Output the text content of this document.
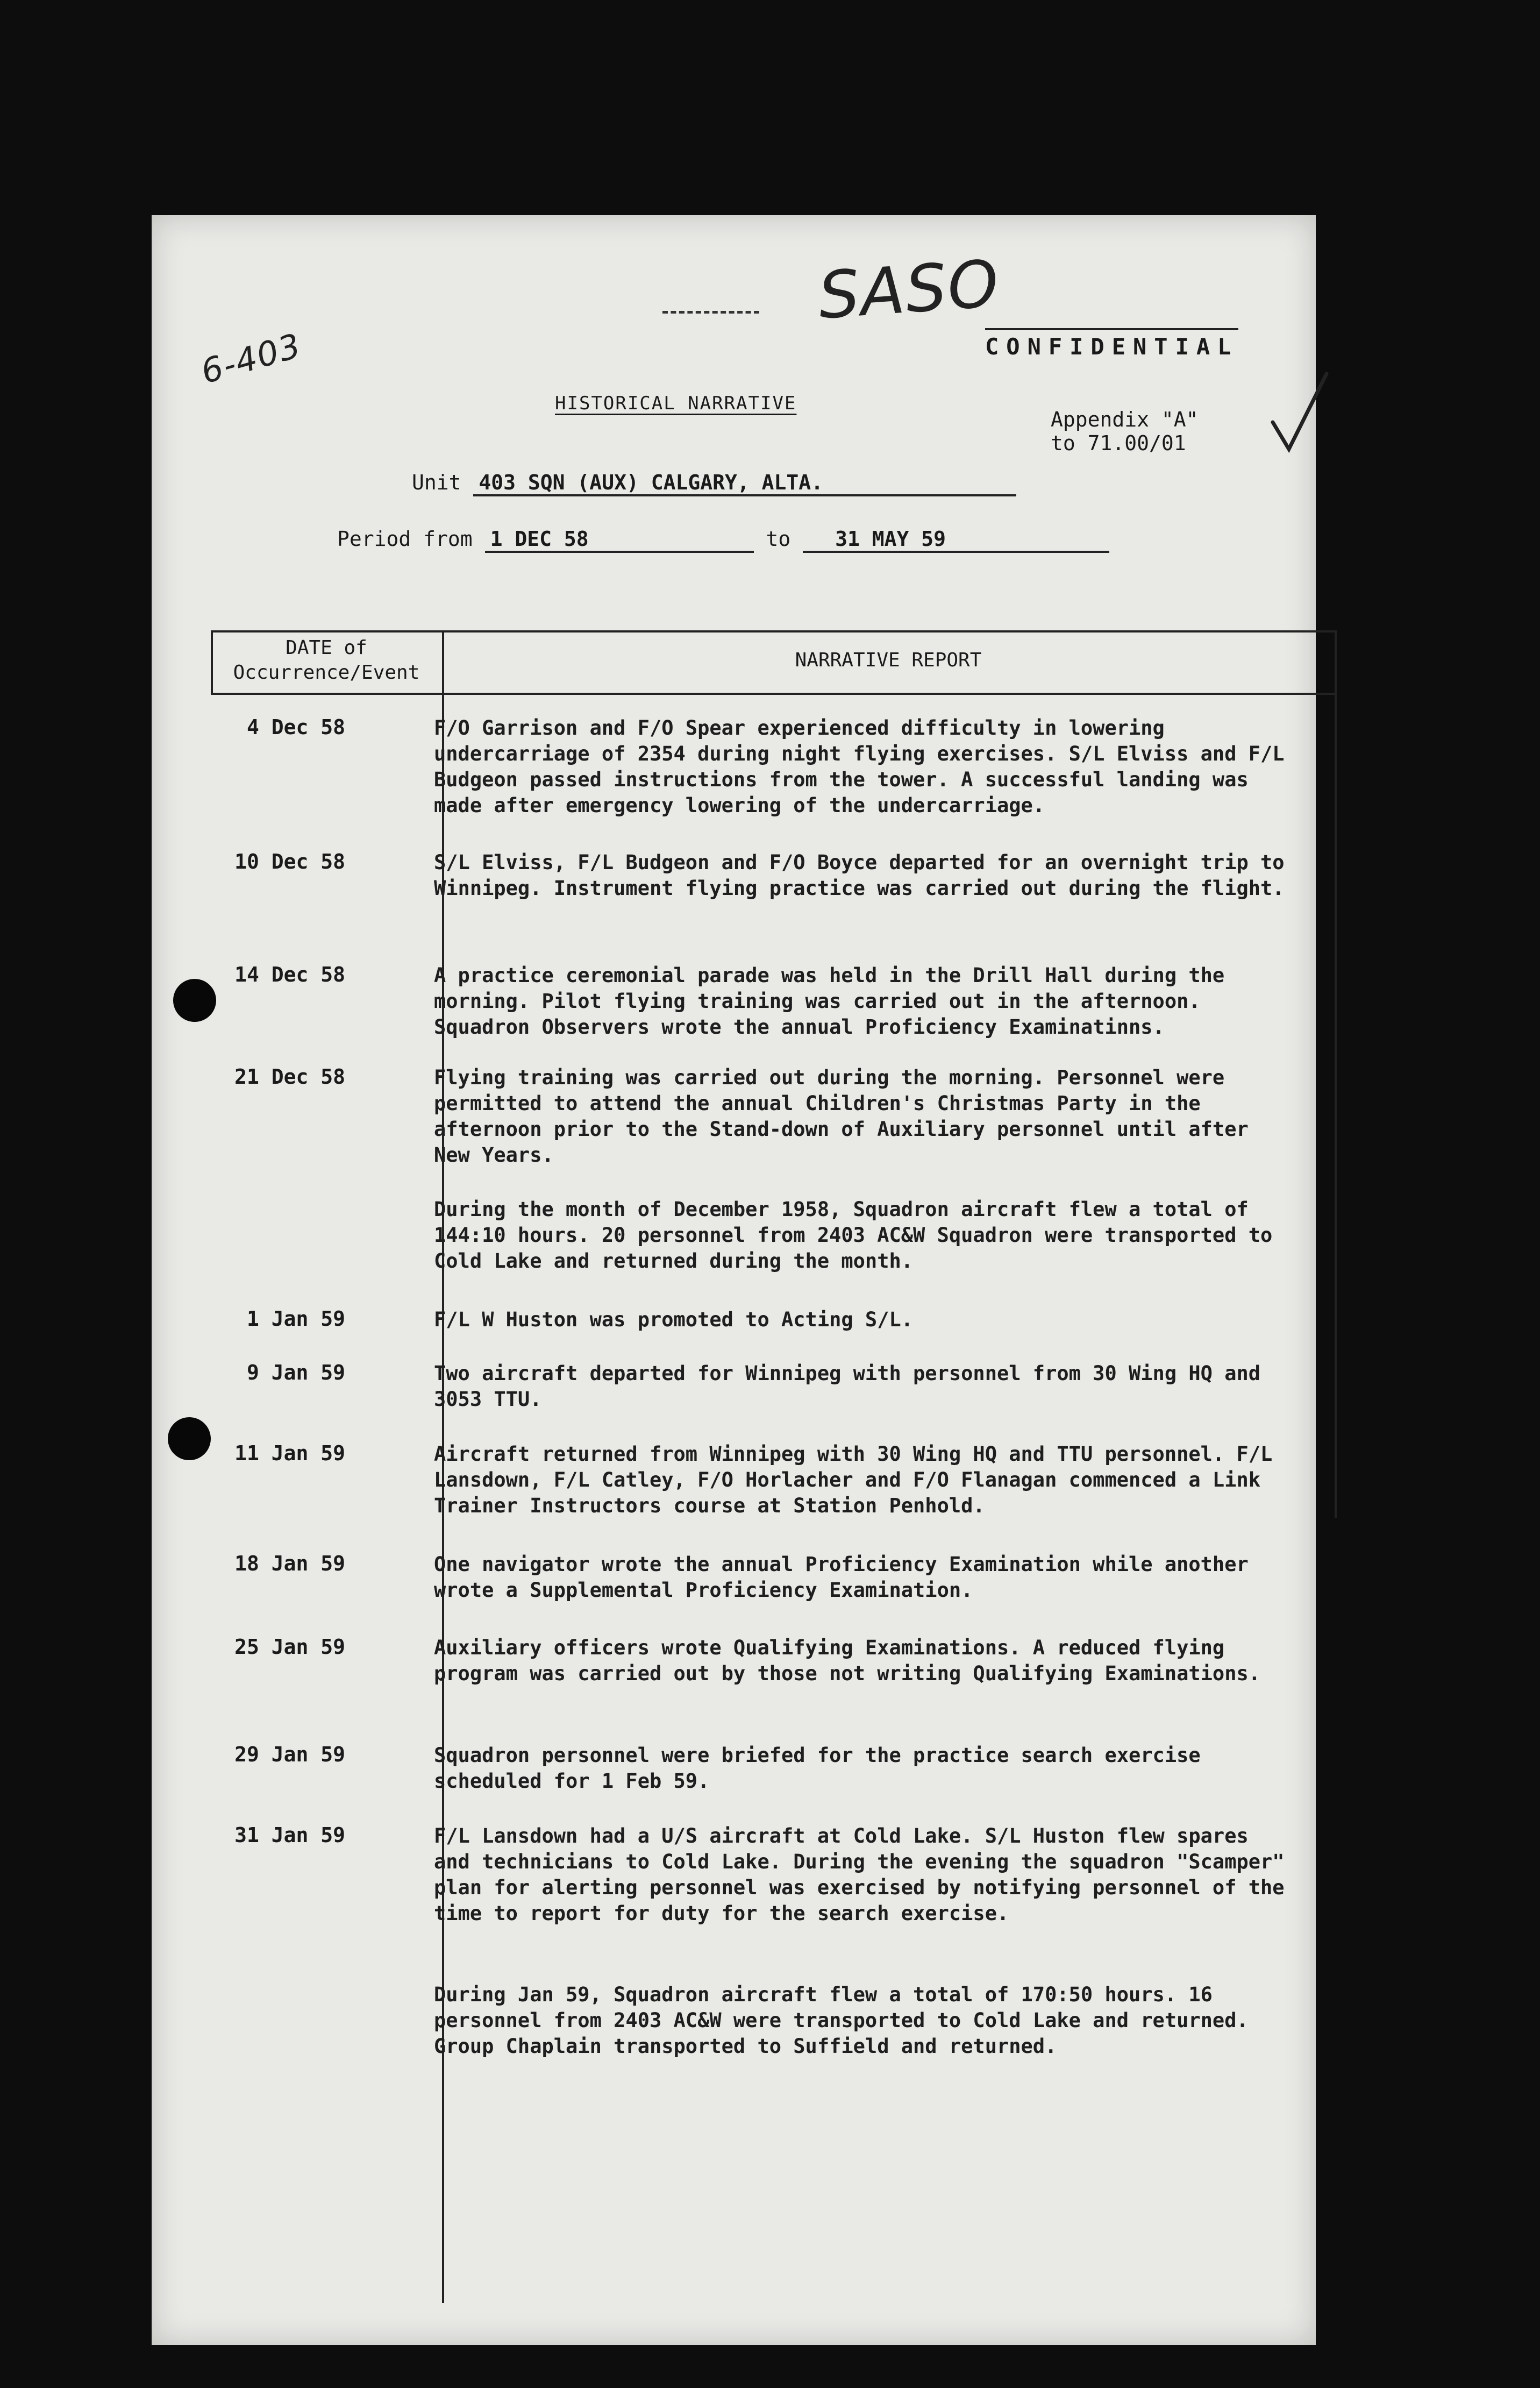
6-403
SASO
CONFIDENTIAL
HISTORICAL NARRATIVE
Appendix "A"
to 71.00/01
Unit 403 SQN (AUX) CALGARY, ALTA.
Period from 1 DEC 58	to 31 MAY 59
DATE of
Occurrence/Event
NARRATIVE REPORT
4 Dec 58	F/O Garrison and F/O Spear experienced difficulty in lowering undercarriage of 2354 during night flying exercises. S/L Elviss and F/L Budgeon passed instructions from the tower. A successful landing was made after emergency lowering of the undercarriage.
10 Dec 58	S/L Elviss, F/L Budgeon and F/O Boyce departed for an overnight trip to Winnipeg. Instrument flying practice was carried out during the flight.
14 Dec 58	A practice ceremonial parade was held in the Drill Hall during the morning. Pilot flying training was carried out in the afternoon. Squadron Observers wrote the annual Proficiency Examinatinns.
21 Dec 58	Flying training was carried out during the morning. Personnel were permitted to attend the annual Children's Christmas Party in the afternoon prior to the Stand-down of Auxiliary personnel until after New Years.
During the month of December 1958, Squadron aircraft flew a total of 144:10 hours. 20 personnel from 2403 AC&W Squadron were transported to Cold Lake and returned during the month.
1 Jan 59	F/L W Huston was promoted to Acting S/L.
9 Jan 59	Two aircraft departed for Winnipeg with personnel from 30 Wing HQ and 3053 TTU.
11 Jan 59	Aircraft returned from Winnipeg with 30 Wing HQ and TTU personnel. F/L Lansdown, F/L Catley, F/O Horlacher and F/O Flanagan commenced a Link Trainer Instructors course at Station Penhold.
18 Jan 59	One navigator wrote the annual Proficiency Examination while another wrote a Supplemental Proficiency Examination.
25 Jan 59	Auxiliary officers wrote Qualifying Examinations. A reduced flying program was carried out by those not writing Qualifying Examinations.
29 Jan 59	Squadron personnel were briefed for the practice search exercise scheduled for 1 Feb 59.
31 Jan 59	F/L Lansdown had a U/S aircraft at Cold Lake. S/L Huston flew spares and technicians to Cold Lake. During the evening the squadron "Scamper" plan for alerting personnel was exercised by notifying personnel of the time to report for duty for the search exercise.
During Jan 59, Squadron aircraft flew a total of 170:50 hours. 16 personnel from 2403 AC&W were transported to Cold Lake and returned. Group Chaplain transported to Suffield and returned.
